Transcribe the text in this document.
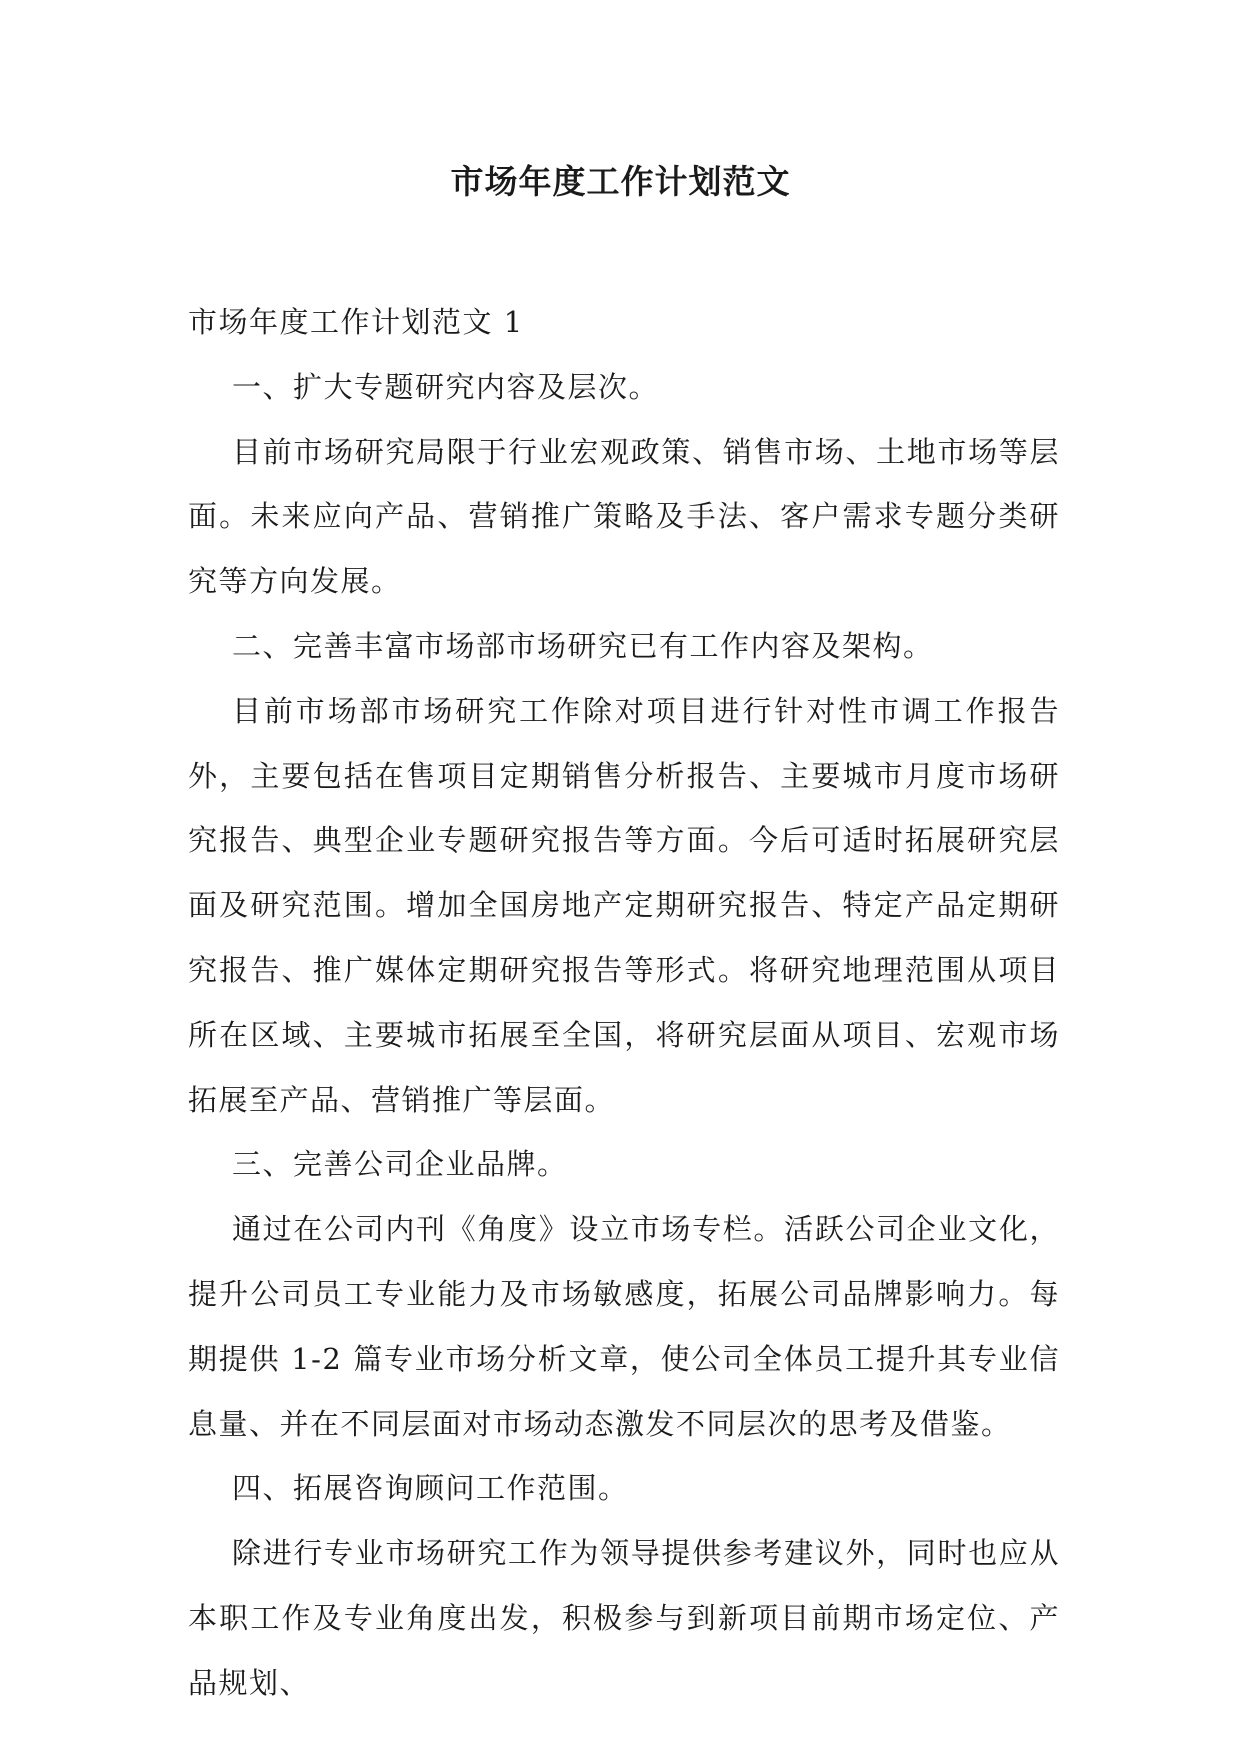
市场年度工作计划范文

市场年度工作计划范文 1

一、扩大专题研究内容及层次。

目前市场研究局限于行业宏观政策、销售市场、土地市场等层面。未来应向产品、营销推广策略及手法、客户需求专题分类研究等方向发展。

二、完善丰富市场部市场研究已有工作内容及架构。

目前市场部市场研究工作除对项目进行针对性市调工作报告外，主要包括在售项目定期销售分析报告、主要城市月度市场研究报告、典型企业专题研究报告等方面。今后可适时拓展研究层面及研究范围。增加全国房地产定期研究报告、特定产品定期研究报告、推广媒体定期研究报告等形式。将研究地理范围从项目所在区域、主要城市拓展至全国，将研究层面从项目、宏观市场拓展至产品、营销推广等层面。

三、完善公司企业品牌。

通过在公司内刊《角度》设立市场专栏。活跃公司企业文化，提升公司员工专业能力及市场敏感度，拓展公司品牌影响力。每期提供 1-2 篇专业市场分析文章，使公司全体员工提升其专业信息量、并在不同层面对市场动态激发不同层次的思考及借鉴。

四、拓展咨询顾问工作范围。

除进行专业市场研究工作为领导提供参考建议外，同时也应从本职工作及专业角度出发，积极参与到新项目前期市场定位、产品规划、
